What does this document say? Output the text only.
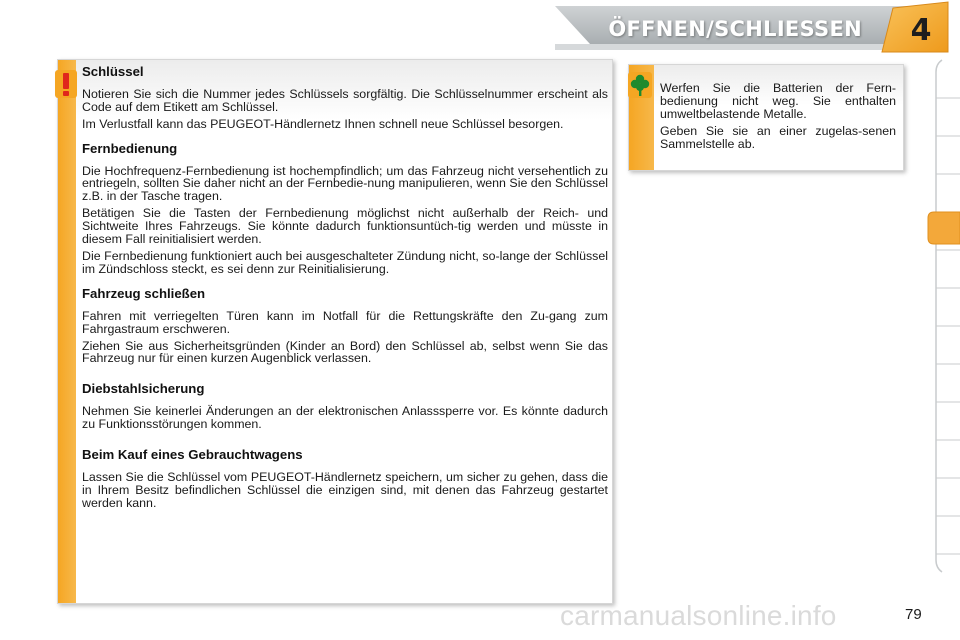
ÖFFNEN/SCHLIESSEN	4
Schlüssel

Notieren Sie sich die Nummer jedes Schlüssels sorgfältig. Die Schlüsselnummer erscheint als Code auf dem Etikett am Schlüssel.

Im Verlustfall kann das PEUGEOT-Händlernetz Ihnen schnell neue Schlüssel besorgen.

Fernbedienung

Die Hochfrequenz-Fernbedienung ist hochempfindlich; um das Fahrzeug nicht versehentlich zu entriegeln, sollten Sie daher nicht an der Fernbedie-nung manipulieren, wenn Sie den Schlüssel z.B. in der Tasche tragen.

Betätigen Sie die Tasten der Fernbedienung möglichst nicht außerhalb der Reich- und Sichtweite Ihres Fahrzeugs. Sie könnte dadurch funktionsuntüch-tig werden und müsste in diesem Fall reinitialisiert werden.

Die Fernbedienung funktioniert auch bei ausgeschalteter Zündung nicht, so-lange der Schlüssel im Zündschloss steckt, es sei denn zur Reinitialisierung.

Fahrzeug schließen

Fahren mit verriegelten Türen kann im Notfall für die Rettungskräfte den Zu-gang zum Fahrgastraum erschweren.

Ziehen Sie aus Sicherheitsgründen (Kinder an Bord) den Schlüssel ab, selbst wenn Sie das Fahrzeug nur für einen kurzen Augenblick verlassen.

Diebstahlsicherung

Nehmen Sie keinerlei Änderungen an der elektronischen Anlasssperre vor. Es könnte dadurch zu Funktionsstörungen kommen.

Beim Kauf eines Gebrauchtwagens

Lassen Sie die Schlüssel vom PEUGEOT-Händlernetz speichern, um sicher zu gehen, dass die in Ihrem Besitz befindlichen Schlüssel die einzigen sind, mit denen das Fahrzeug gestartet werden kann.

Werfen Sie die Batterien der Fern-bedienung nicht weg. Sie enthalten umweltbelastende Metalle.

Geben Sie sie an einer zugelas-senen Sammelstelle ab.

79
carmanualsonline.info
